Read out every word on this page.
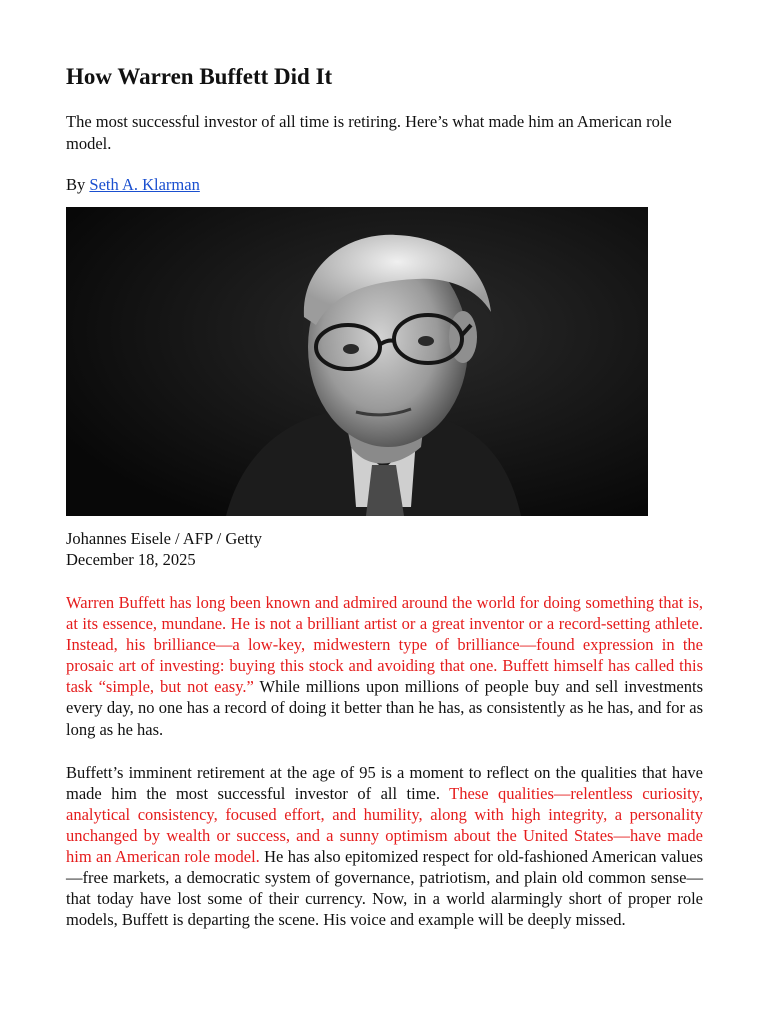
How Warren Buffett Did It

The most successful investor of all time is retiring. Here’s what made him an American role model.

By Seth A. Klarman

Johannes Eisele / AFP / Getty
December 18, 2025

Warren Buffett has long been known and admired around the world for doing something that is, at its essence, mundane. He is not a brilliant artist or a great inventor or a record-setting athlete. Instead, his brilliance—a low-key, midwestern type of brilliance—found expression in the prosaic art of investing: buying this stock and avoiding that one. Buffett himself has called this task “simple, but not easy.” While millions upon millions of people buy and sell investments every day, no one has a record of doing it better than he has, as consistently as he has, and for as long as he has.

Buffett’s imminent retirement at the age of 95 is a moment to reflect on the qualities that have made him the most successful investor of all time. These qualities—relentless curiosity, analytical consistency, focused effort, and humility, along with high integrity, a personality unchanged by wealth or success, and a sunny optimism about the United States—have made him an American role model. He has also epitomized respect for old-fashioned American values—free markets, a democratic system of governance, patriotism, and plain old common sense—that today have lost some of their currency. Now, in a world alarmingly short of proper role models, Buffett is departing the scene. His voice and example will be deeply missed.
